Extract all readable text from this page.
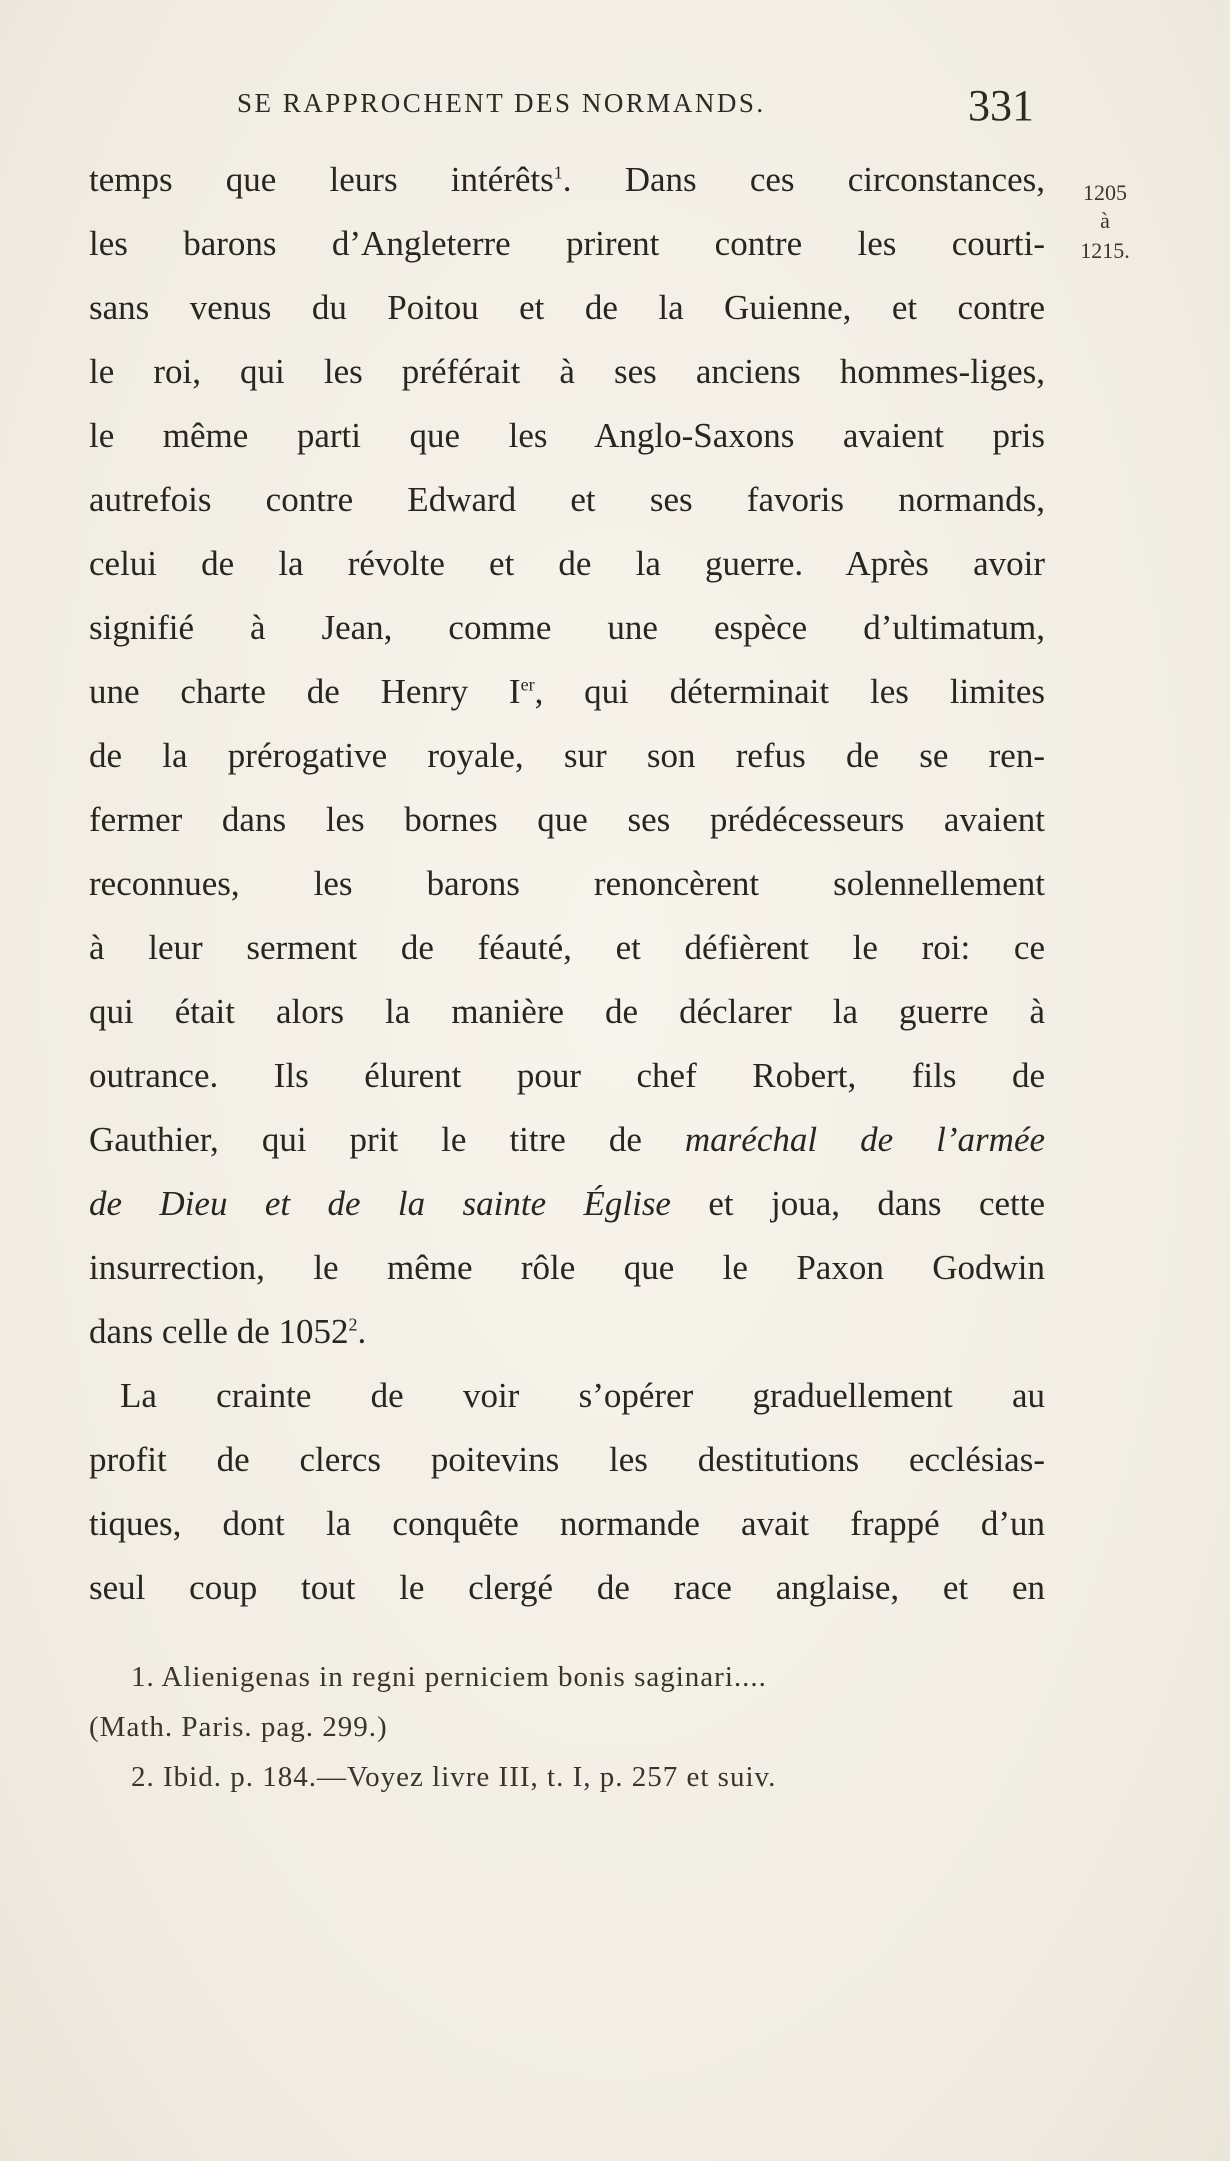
SE RAPPROCHENT DES NORMANDS.	331
1205
à
1215.
temps que leurs intérêts$^1$. Dans ces circonstances,
les barons d’Angleterre prirent contre les courti-
sans venus du Poitou et de la Guienne, et contre
le roi, qui les préférait à ses anciens hommes-liges,
le même parti que les Anglo-Saxons avaient pris
autrefois contre Edward et ses favoris normands,
celui de la révolte et de la guerre. Après avoir
signifié à Jean, comme une espèce d’ultimatum,
une charte de Henry Ier, qui déterminait les limites
de la prérogative royale, sur son refus de se ren-
fermer dans les bornes que ses prédécesseurs avaient
reconnues, les barons renoncèrent solennellement
à leur serment de féauté, et défièrent le roi: ce
qui était alors la manière de déclarer la guerre à
outrance. Ils élurent pour chef Robert, fils de
Gauthier, qui prit le titre de maréchal de l’armée
de Dieu et de la sainte Église et joua, dans cette
insurrection, le même rôle que le Paxon Godwin
dans celle de 1052$^2$.
La crainte de voir s’opérer graduellement au
profit de clercs poitevins les destitutions ecclésias-
tiques, dont la conquête normande avait frappé d’un
seul coup tout le clergé de race anglaise, et en
1. Alienigenas in regni perniciem bonis saginari....
(Math. Paris. pag. 299.)
2. Ibid. p. 184.—Voyez livre III, t. I, p. 257 et suiv.
